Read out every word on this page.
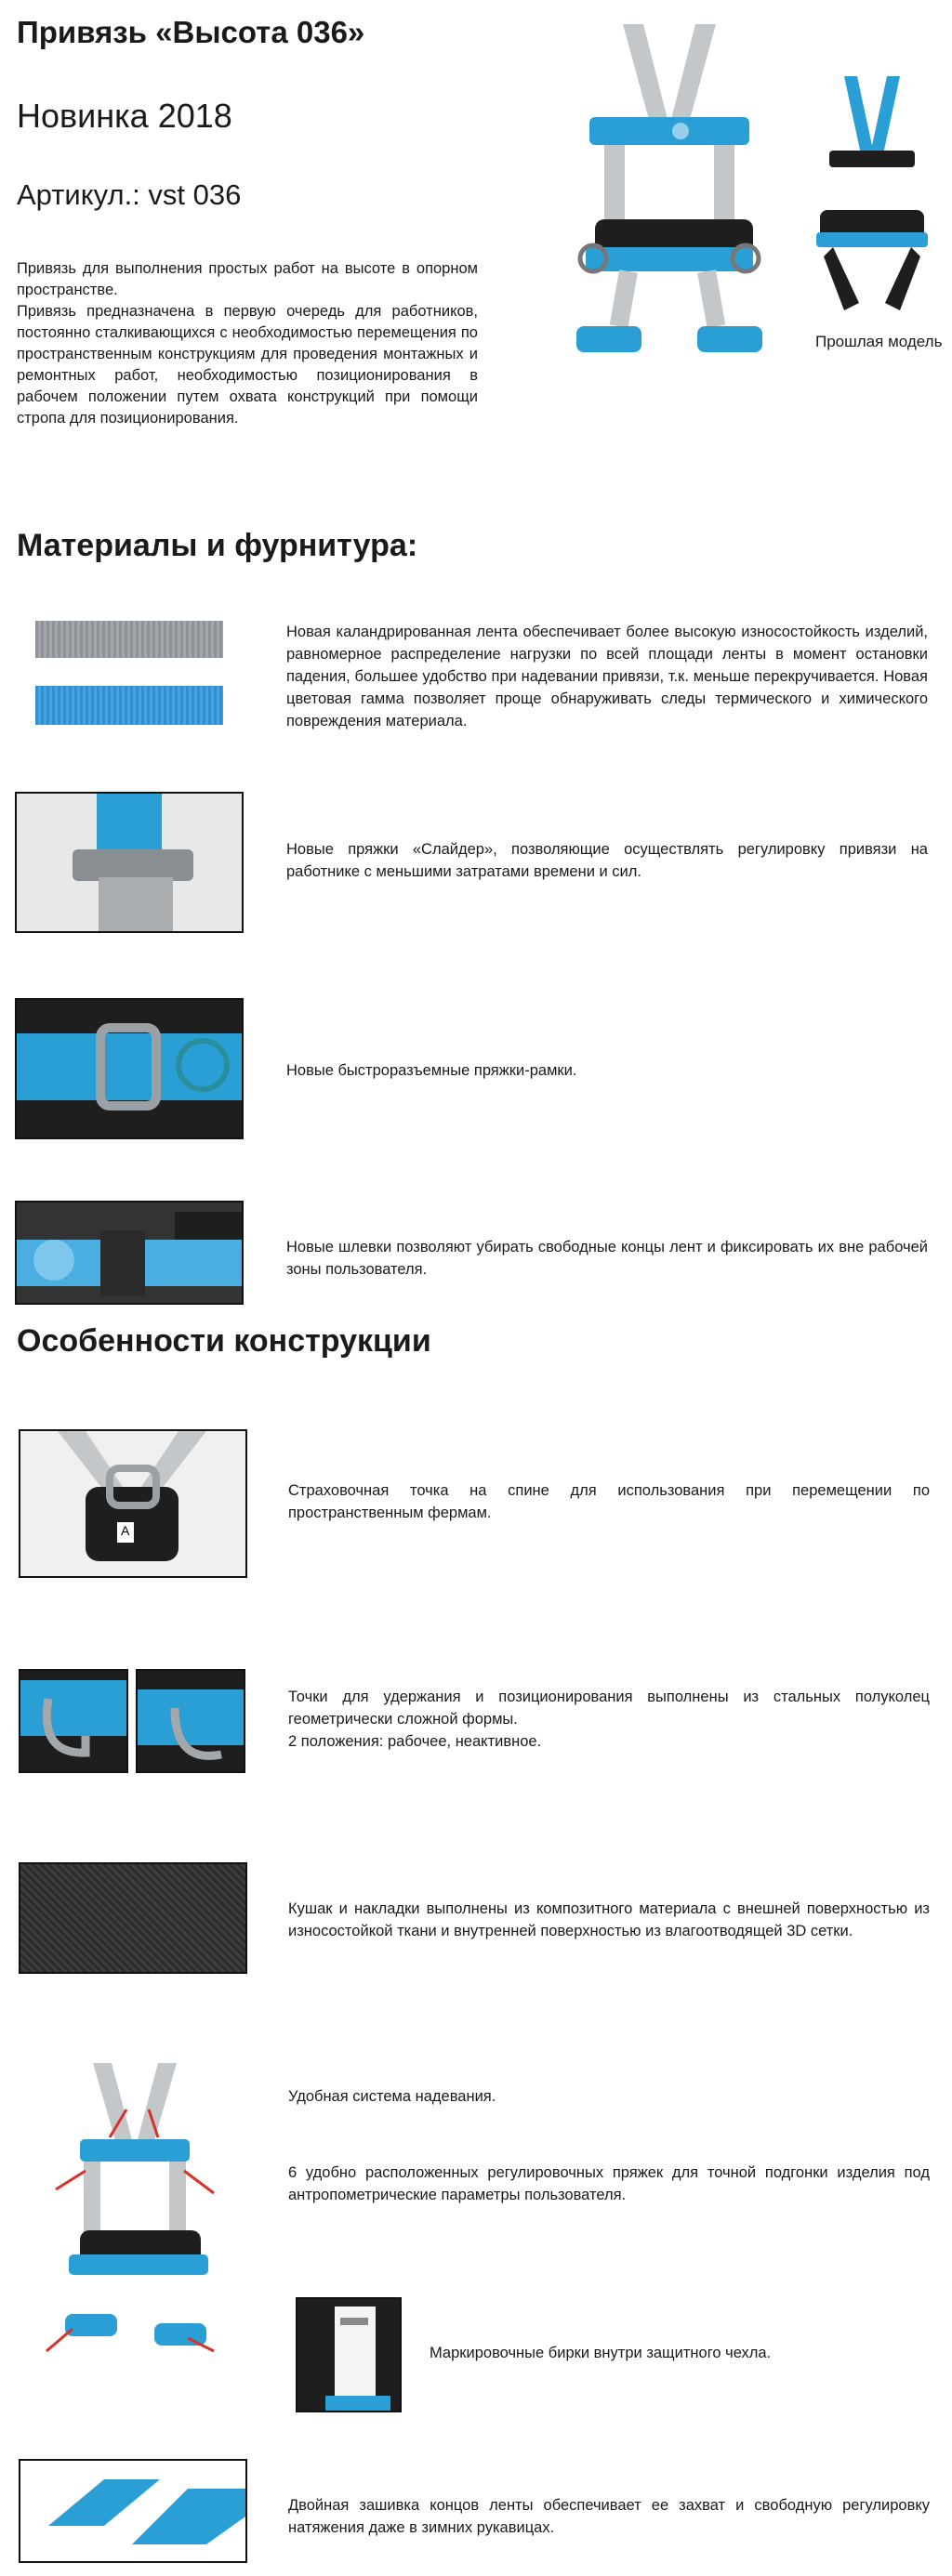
Привязь «Высота 036»
Новинка 2018
Артикул.: vst 036

Привязь для выполнения простых работ на высоте в опорном пространстве.

Привязь предназначена в первую очередь для работников, постоянно сталкивающихся с необходимостью перемещения по пространственным конструкциям для проведения монтажных и ремонтных работ, необходимостью позиционирования в рабочем положении путем охвата конструкций при помощи стропа для позиционирования.

Прошлая модель
Материалы и фурнитура:
Новая каландрированная лента обеспечивает более высокую износостойкость изделий, равномерное распределение нагрузки по всей площади ленты в момент остановки падения, большее удобство при надевании привязи, т.к. меньше перекручивается. Новая цветовая гамма позволяет проще обнаруживать следы термического и химического повреждения материала.
Новые пряжки «Слайдер», позволяющие осуществлять регулировку привязи на работнике с меньшими затратами времени и сил.
Новые быстроразъемные пряжки-рамки.
Новые шлевки позволяют убирать свободные концы лент и фиксировать их вне рабочей зоны пользователя.
Особенности конструкции
A
Страховочная точка на спине для использования при перемещении по пространственным фермам.
Точки для удержания и позиционирования выполнены из стальных полуколец геометрически сложной формы.
2 положения: рабочее, неактивное.
Кушак и накладки выполнены из композитного материала с внешней поверхностью из износостойкой ткани и внутренней поверхностью из влагоотводящей 3D сетки.
Удобная система надевания.
6 удобно расположенных регулировочных пряжек для точной подгонки изделия под антропометрические параметры пользователя.
Маркировочные бирки внутри защитного чехла.
Двойная зашивка концов ленты обеспечивает ее захват и свободную регулировку натяжения даже в зимних рукавицах.
